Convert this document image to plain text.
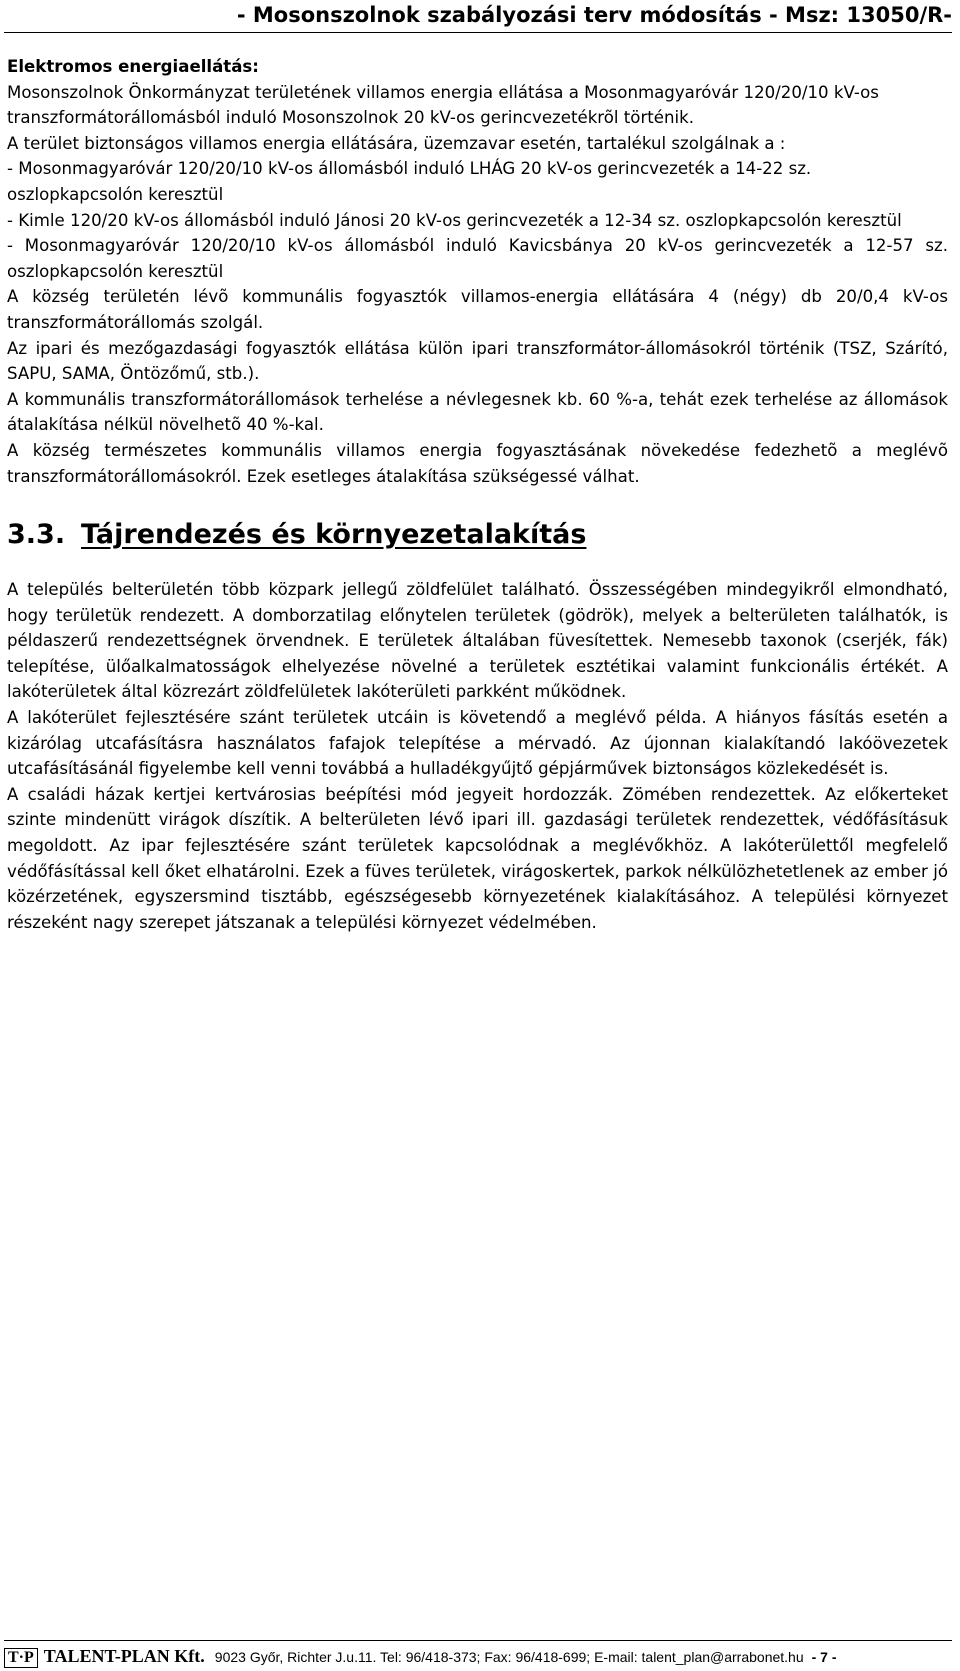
- Mosonszolnok szabályozási terv módosítás - Msz: 13050/R-

Elektromos energiaellátás:

Mosonszolnok Önkormányzat területének villamos energia ellátása a Mosonmagyaróvár 120/20/10 kV-os transzformátorállomásból induló Mosonszolnok 20 kV-os gerincvezetékrõl történik.

A terület biztonságos villamos energia ellátására, üzemzavar esetén, tartalékul szolgálnak a :

- Mosonmagyaróvár 120/20/10 kV-os állomásból induló LHÁG 20 kV-os gerincvezeték a 14-22 sz. oszlopkapcsolón keresztül

- Kimle 120/20 kV-os állomásból induló Jánosi 20 kV-os gerincvezeték a 12-34 sz. oszlopkapcsolón keresztül

- Mosonmagyaróvár 120/20/10 kV-os állomásból induló Kavicsbánya 20 kV-os gerincvezeték a 12-57 sz. oszlopkapcsolón keresztül

A község területén lévõ kommunális fogyasztók villamos-energia ellátására 4 (négy) db 20/0,4 kV-os transzformátorállomás szolgál.

Az ipari és mezőgazdasági fogyasztók ellátása külön ipari transzformátor-állomásokról történik (TSZ, Szárító, SAPU, SAMA, Öntözőmű, stb.).

A kommunális transzformátorállomások terhelése a névlegesnek kb. 60 %-a, tehát ezek terhelése az állomások átalakítása nélkül növelhetõ 40 %-kal.

A község természetes kommunális villamos energia fogyasztásának növekedése fedezhetõ a meglévõ transzformátorállomásokról. Ezek esetleges átalakítása szükségessé válhat.

3.3. Tájrendezés és környezetalakítás

A település belterületén több közpark jellegű zöldfelület található. Összességében mindegyikről elmondható, hogy területük rendezett. A domborzatilag előnytelen területek (gödrök), melyek a belterületen találhatók, is példaszerű rendezettségnek örvendnek. E területek általában füvesítettek. Nemesebb taxonok (cserjék, fák) telepítése, ülőalkalmatosságok elhelyezése növelné a területek esztétikai valamint funkcionális értékét. A lakóterületek által közrezárt zöldfelületek lakóterületi parkként működnek.

A lakóterület fejlesztésére szánt területek utcáin is követendő a meglévő példa. A hiányos fásítás esetén a kizárólag utcafásításra használatos fafajok telepítése a mérvadó. Az újonnan kialakítandó lakóövezetek utcafásításánál figyelembe kell venni továbbá a hulladékgyűjtő gépjárművek biztonságos közlekedését is.

A családi házak kertjei kertvárosias beépítési mód jegyeit hordozzák. Zömében rendezettek. Az előkerteket szinte mindenütt virágok díszítik. A belterületen lévő ipari ill. gazdasági területek rendezettek, védőfásításuk megoldott. Az ipar fejlesztésére szánt területek kapcsolódnak a meglévőkhöz. A lakóterülettől megfelelő védőfásítással kell őket elhatárolni. Ezek a füves területek, virágoskertek, parkok nélkülözhetetlenek az ember jó közérzetének, egyszersmind tisztább, egészségesebb környezetének kialakításához. A települési környezet részeként nagy szerepet játszanak a települési környezet védelmében.

T·P TALENT-PLAN Kft. 9023 Győr, Richter J.u.11. Tel: 96/418-373; Fax: 96/418-699; E-mail: talent_plan@arrabonet.hu - 7 -
